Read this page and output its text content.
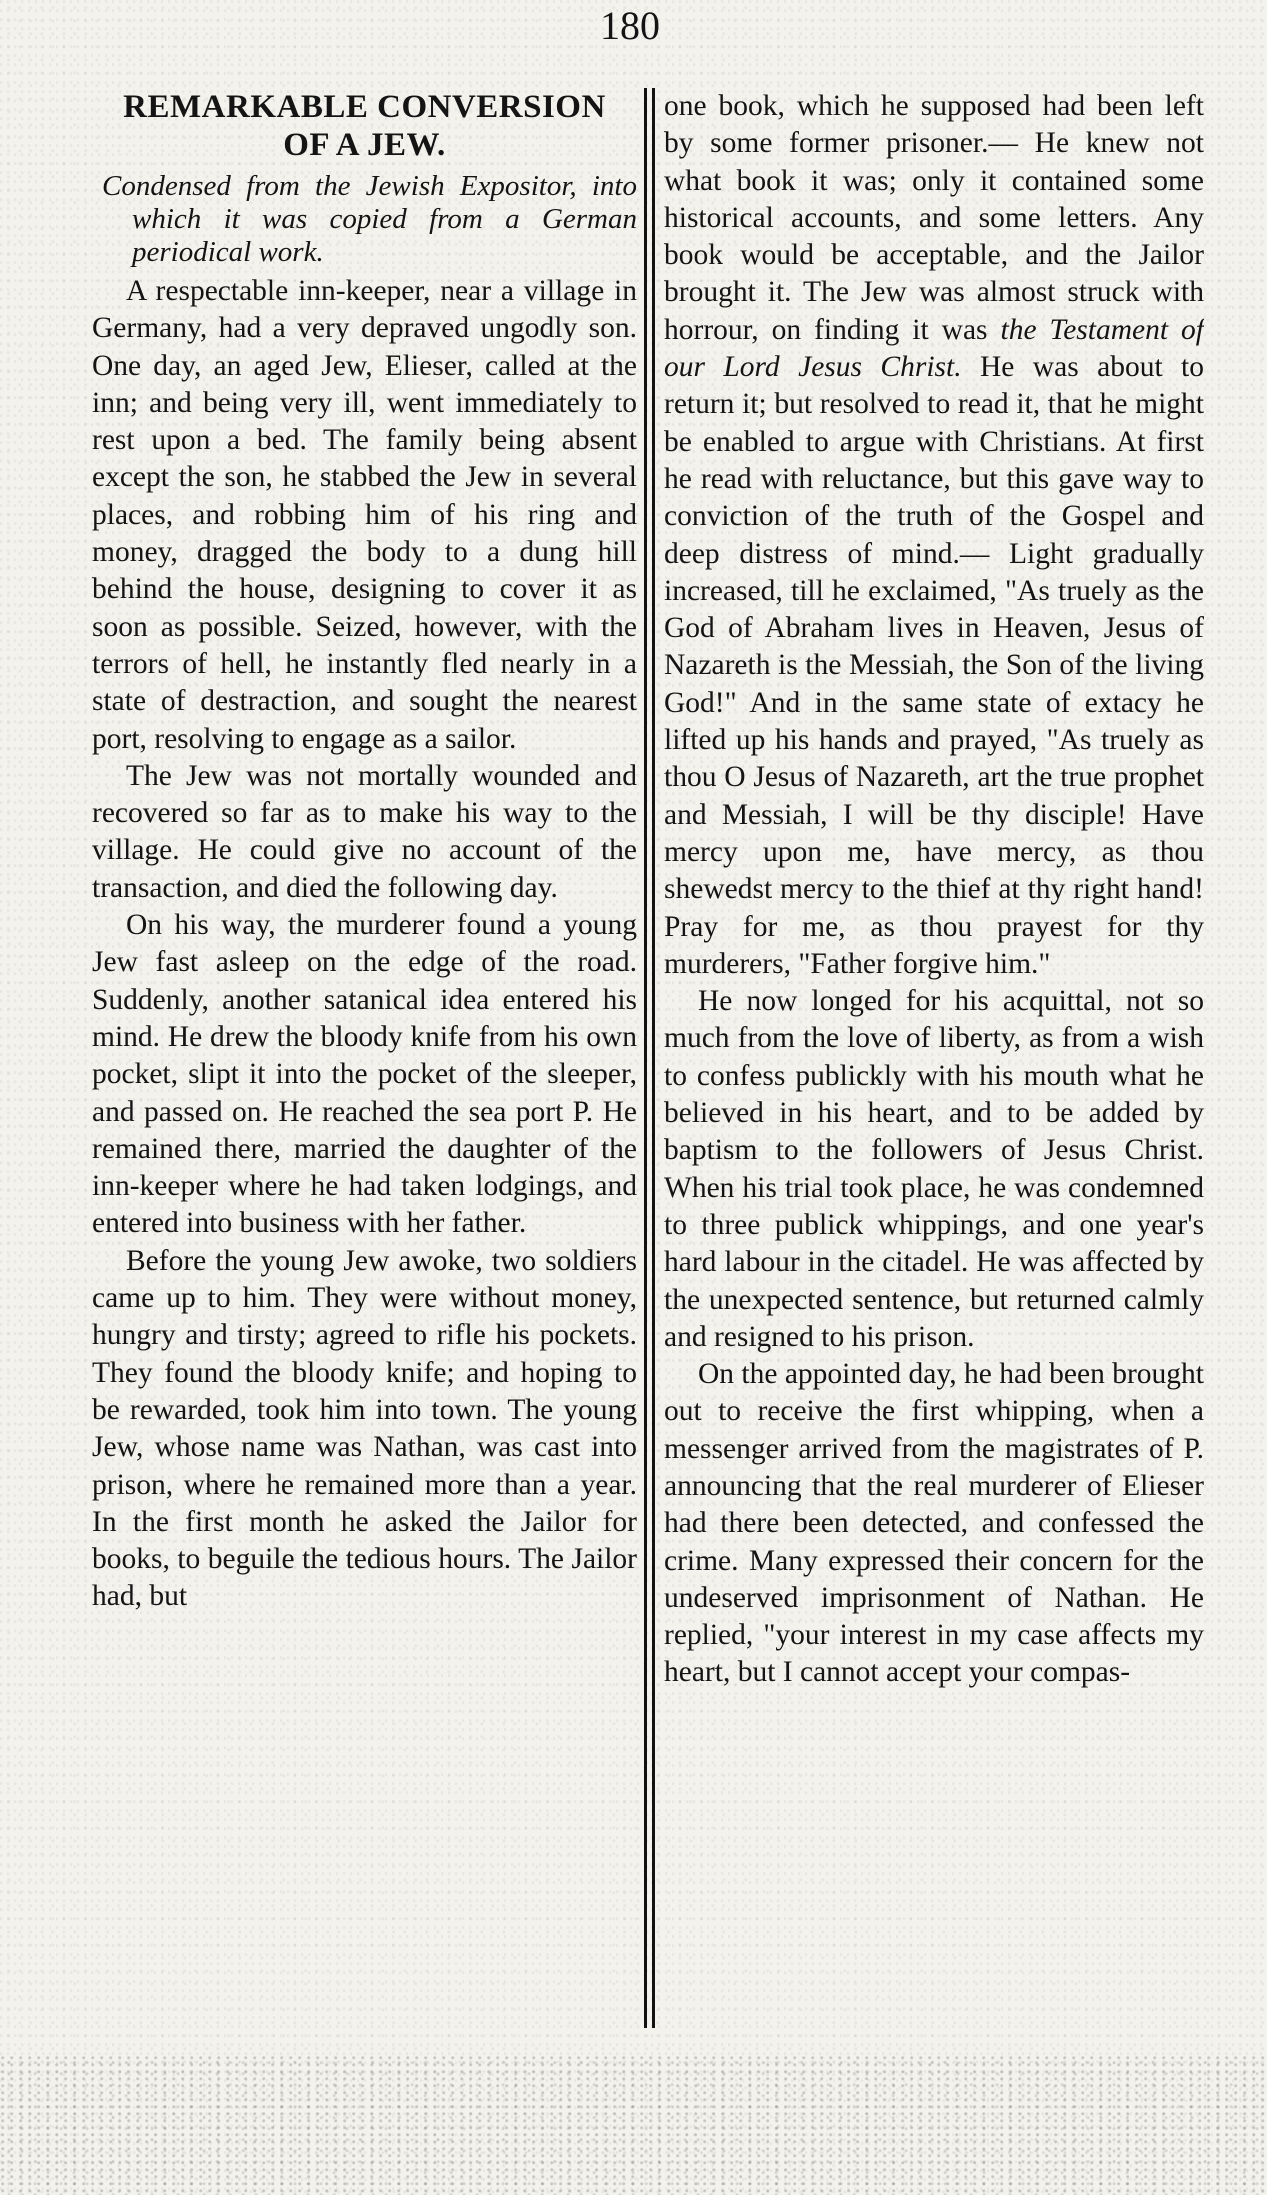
180
REMARKABLE CONVERSION
OF A JEW.

Condensed from the Jewish Expositor, into which it was copied from a German periodical work.

A respectable inn-keeper, near a village in Germany, had a very depraved ungodly son. One day, an aged Jew, Elieser, called at the inn; and being very ill, went immediately to rest upon a bed. The family being absent except the son, he stabbed the Jew in several places, and robbing him of his ring and money, dragged the body to a dung hill behind the house, designing to cover it as soon as possible. Seized, however, with the terrors of hell, he instantly fled nearly in a state of destraction, and sought the nearest port, resolving to engage as a sailor.

The Jew was not mortally wounded and recovered so far as to make his way to the village. He could give no account of the transaction, and died the following day.

On his way, the murderer found a young Jew fast asleep on the edge of the road. Suddenly, another satanical idea entered his mind. He drew the bloody knife from his own pocket, slipt it into the pocket of the sleeper, and passed on. He reached the sea port P. He remained there, married the daughter of the inn-keeper where he had taken lodgings, and entered into business with her father.

Before the young Jew awoke, two soldiers came up to him. They were without money, hungry and tirsty; agreed to rifle his pockets. They found the bloody knife; and hoping to be rewarded, took him into town. The young Jew, whose name was Nathan, was cast into prison, where he remained more than a year. In the first month he asked the Jailor for books, to beguile the tedious hours. The Jailor had, but

one book, which he supposed had been left by some former prisoner.— He knew not what book it was; only it contained some historical accounts, and some letters. Any book would be acceptable, and the Jailor brought it. The Jew was almost struck with horrour, on finding it was the Testament of our Lord Jesus Christ. He was about to return it; but resolved to read it, that he might be enabled to argue with Christians. At first he read with reluctance, but this gave way to conviction of the truth of the Gospel and deep distress of mind.— Light gradually increased, till he exclaimed, "As truely as the God of Abraham lives in Heaven, Jesus of Nazareth is the Messiah, the Son of the living God!" And in the same state of extacy he lifted up his hands and prayed, "As truely as thou O Jesus of Nazareth, art the true prophet and Messiah, I will be thy disciple! Have mercy upon me, have mercy, as thou shewedst mercy to the thief at thy right hand! Pray for me, as thou prayest for thy murderers, "Father forgive him."

He now longed for his acquittal, not so much from the love of liberty, as from a wish to confess publickly with his mouth what he believed in his heart, and to be added by baptism to the followers of Jesus Christ. When his trial took place, he was condemned to three publick whippings, and one year's hard labour in the citadel. He was affected by the unexpected sentence, but returned calmly and resigned to his prison.

On the appointed day, he had been brought out to receive the first whipping, when a messenger arrived from the magistrates of P. announcing that the real murderer of Elieser had there been detected, and confessed the crime. Many expressed their concern for the undeserved imprisonment of Nathan. He replied, "your interest in my case affects my heart, but I cannot accept your compas-
